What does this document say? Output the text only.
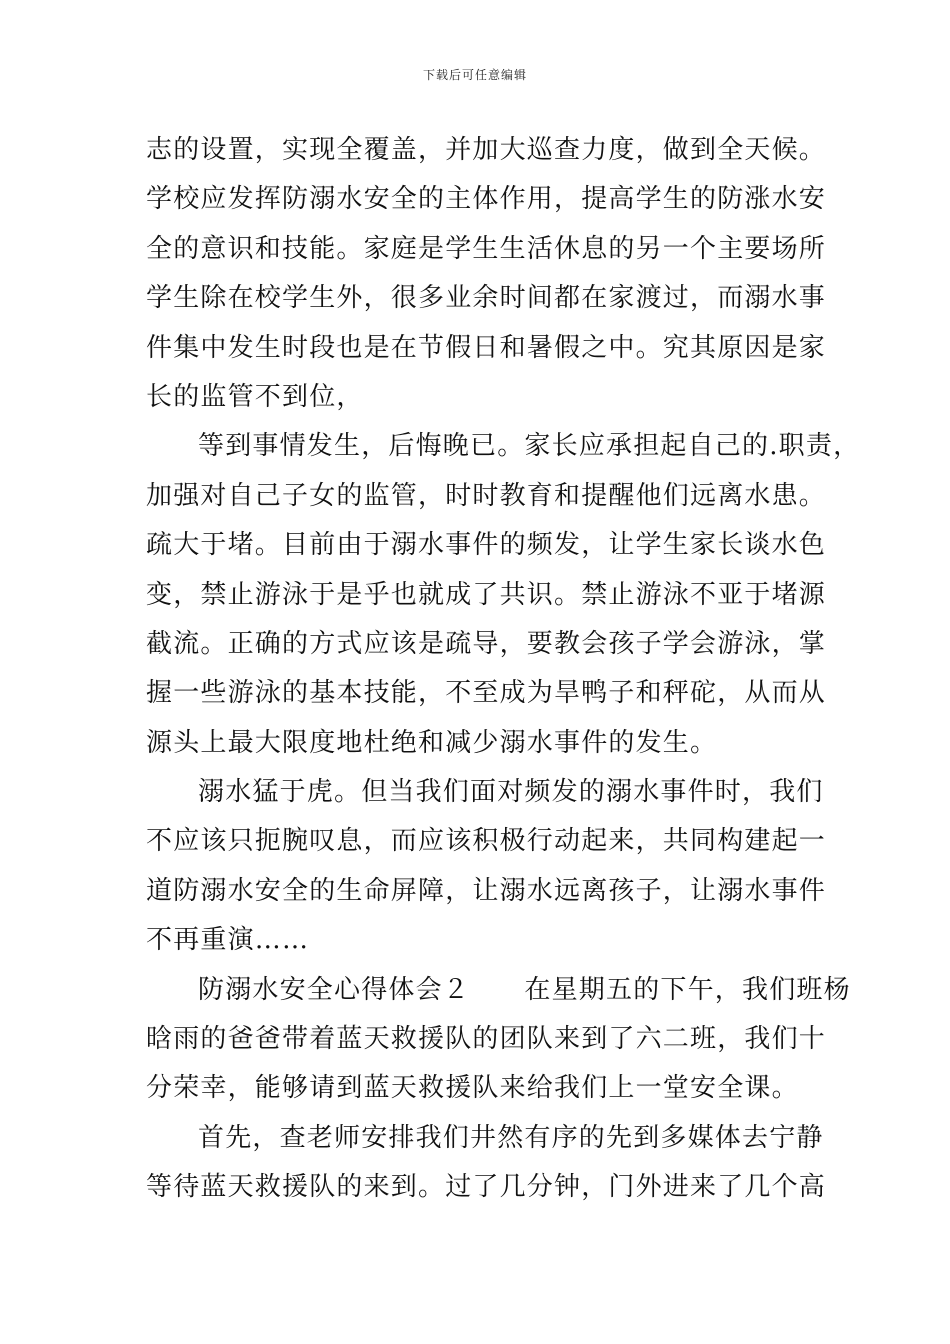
下载后可任意编辑
志的设置，实现全覆盖，并加大巡查力度，做到全天候。
学校应发挥防溺水安全的主体作用，提高学生的防涨水安
全的意识和技能。家庭是学生生活休息的另一个主要场所
学生除在校学生外，很多业余时间都在家渡过，而溺水事
件集中发生时段也是在节假日和暑假之中。究其原因是家
长的监管不到位，
等到事情发生，后悔晚已。家长应承担起自己的.职责，
加强对自己子女的监管，时时教育和提醒他们远离水患。
疏大于堵。目前由于溺水事件的频发，让学生家长谈水色
变，禁止游泳于是乎也就成了共识。禁止游泳不亚于堵源
截流。正确的方式应该是疏导，要教会孩子学会游泳，掌
握一些游泳的基本技能，不至成为旱鸭子和秤砣，从而从
源头上最大限度地杜绝和减少溺水事件的发生。
溺水猛于虎。但当我们面对频发的溺水事件时，我们
不应该只扼腕叹息，而应该积极行动起来，共同构建起一
道防溺水安全的生命屏障，让溺水远离孩子，让溺水事件
不再重演……
防溺水安全心得体会２　　在星期五的下午，我们班杨
晗雨的爸爸带着蓝天救援队的团队来到了六二班，我们十
分荣幸，能够请到蓝天救援队来给我们上一堂安全课。
首先，查老师安排我们井然有序的先到多媒体去宁静
等待蓝天救援队的来到。过了几分钟，门外进来了几个高
